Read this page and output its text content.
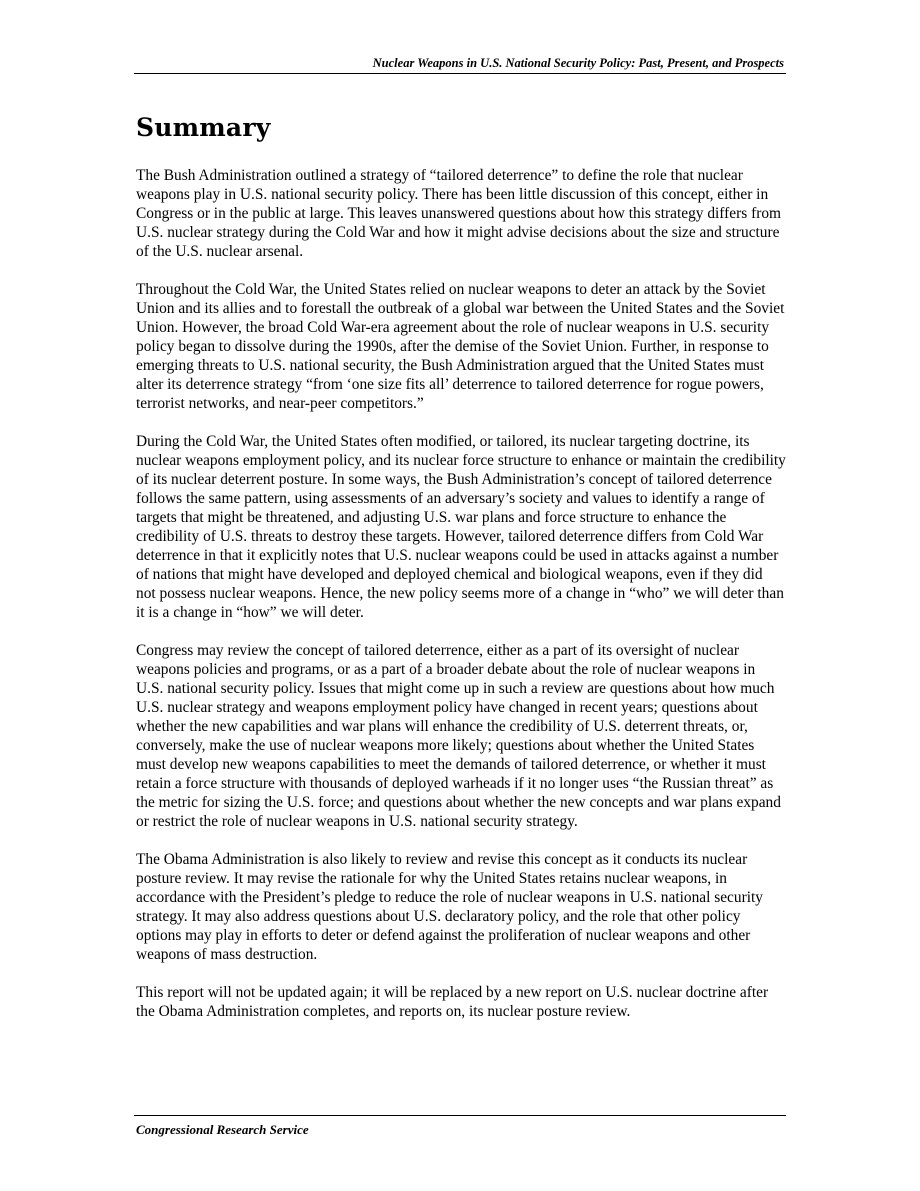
Nuclear Weapons in U.S. National Security Policy: Past, Present, and Prospects
Summary

The Bush Administration outlined a strategy of “tailored deterrence” to define the role that nuclear weapons play in U.S. national security policy. There has been little discussion of this concept, either in Congress or in the public at large. This leaves unanswered questions about how this strategy differs from U.S. nuclear strategy during the Cold War and how it might advise decisions about the size and structure of the U.S. nuclear arsenal.

Throughout the Cold War, the United States relied on nuclear weapons to deter an attack by the Soviet Union and its allies and to forestall the outbreak of a global war between the United States and the Soviet Union. However, the broad Cold War-era agreement about the role of nuclear weapons in U.S. security policy began to dissolve during the 1990s, after the demise of the Soviet Union. Further, in response to emerging threats to U.S. national security, the Bush Administration argued that the United States must alter its deterrence strategy “from ‘one size fits all’ deterrence to tailored deterrence for rogue powers, terrorist networks, and near-peer competitors.”

During the Cold War, the United States often modified, or tailored, its nuclear targeting doctrine, its nuclear weapons employment policy, and its nuclear force structure to enhance or maintain the credibility of its nuclear deterrent posture. In some ways, the Bush Administration’s concept of tailored deterrence follows the same pattern, using assessments of an adversary’s society and values to identify a range of targets that might be threatened, and adjusting U.S. war plans and force structure to enhance the credibility of U.S. threats to destroy these targets. However, tailored deterrence differs from Cold War deterrence in that it explicitly notes that U.S. nuclear weapons could be used in attacks against a number of nations that might have developed and deployed chemical and biological weapons, even if they did not possess nuclear weapons. Hence, the new policy seems more of a change in “who” we will deter than it is a change in “how” we will deter.

Congress may review the concept of tailored deterrence, either as a part of its oversight of nuclear weapons policies and programs, or as a part of a broader debate about the role of nuclear weapons in U.S. national security policy. Issues that might come up in such a review are questions about how much U.S. nuclear strategy and weapons employment policy have changed in recent years; questions about whether the new capabilities and war plans will enhance the credibility of U.S. deterrent threats, or, conversely, make the use of nuclear weapons more likely; questions about whether the United States must develop new weapons capabilities to meet the demands of tailored deterrence, or whether it must retain a force structure with thousands of deployed warheads if it no longer uses “the Russian threat” as the metric for sizing the U.S. force; and questions about whether the new concepts and war plans expand or restrict the role of nuclear weapons in U.S. national security strategy.

The Obama Administration is also likely to review and revise this concept as it conducts its nuclear posture review. It may revise the rationale for why the United States retains nuclear weapons, in accordance with the President’s pledge to reduce the role of nuclear weapons in U.S. national security strategy. It may also address questions about U.S. declaratory policy, and the role that other policy options may play in efforts to deter or defend against the proliferation of nuclear weapons and other weapons of mass destruction.

This report will not be updated again; it will be replaced by a new report on U.S. nuclear doctrine after the Obama Administration completes, and reports on, its nuclear posture review.

Congressional Research Service
